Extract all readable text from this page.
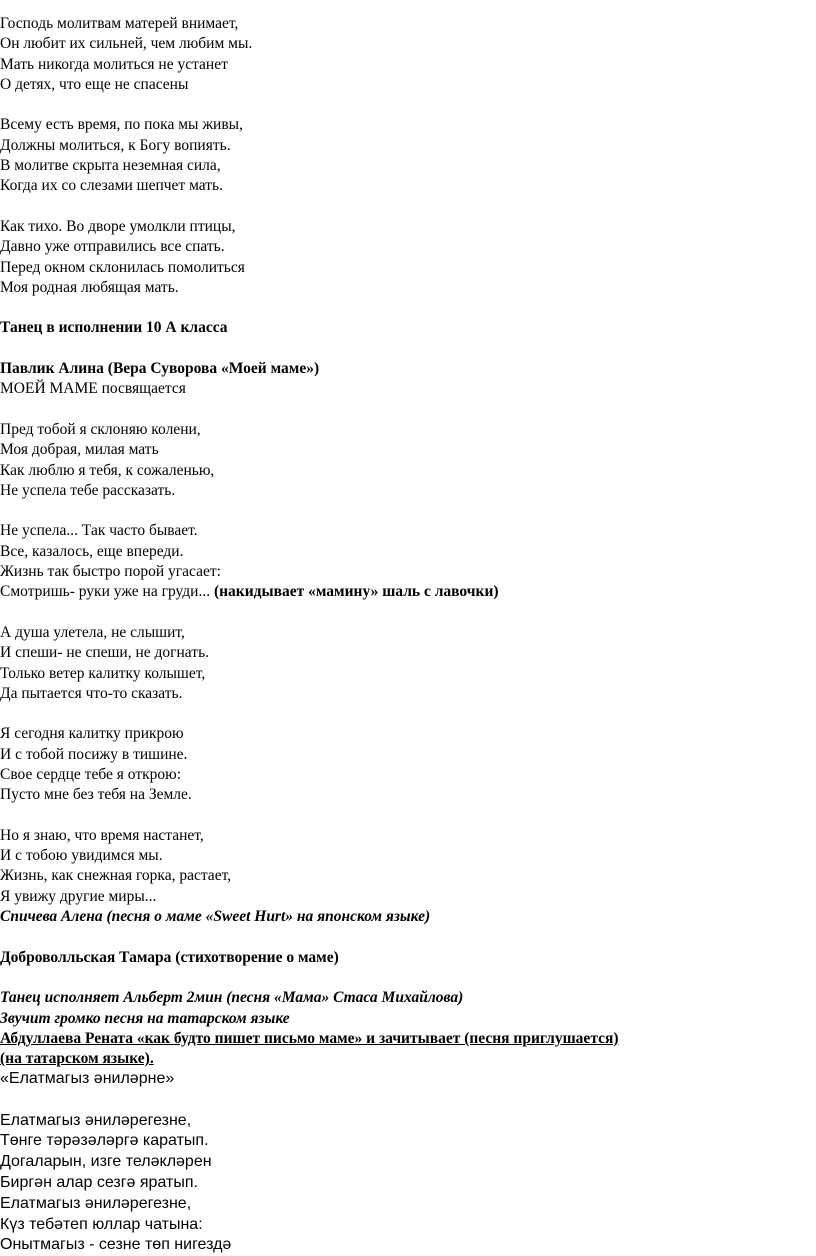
Господь молитвам матерей внимает,

Он любит их сильней, чем любим мы.

Мать никогда молиться не устанет

О детях, что еще не спасены

Всему есть время, по пока мы живы,

Должны молиться, к Богу вопиять.

В молитве скрыта неземная сила,

Когда их со слезами шепчет мать.

Как тихо. Во дворе умолкли птицы,

Давно уже отправились все спать.

Перед окном склонилась помолиться

Моя родная любящая мать.

Танец в исполнении 10 А класса

Павлик Алина (Вера Суворова «Моей маме»)

МОЕЙ МАМЕ посвящается

Пред тобой я склоняю колени,

Моя добрая, милая мать

Как люблю я тебя, к сожаленью,

Не успела тебе рассказать.

Не успела... Так часто бывает.

Все, казалось, еще впереди.

Жизнь так быстро порой угасает:

Смотришь- руки уже на груди... (накидывает «мамину» шаль с лавочки)

А душа улетела, не слышит,

И спеши- не спеши, не догнать.

Только ветер калитку колышет,

Да пытается что-то сказать.

Я сегодня калитку прикрою

И с тобой посижу в тишине.

Свое сердце тебе я открою:

Пусто мне без тебя на Земле.

Но я знаю, что время настанет,

И с тобою увидимся мы.

Жизнь, как снежная горка, растает,

Я увижу другие миры...

Спичева Алена (песня о маме «Sweet Hurt» на японском языке)

Доброволльская Тамара (стихотворение о маме)

Танец исполняет Альберт 2мин (песня «Мама» Стаса Михайлова)

Звучит громко песня на татарском языке

Абдуллаева Рената «как будто пишет письмо маме» и зачитывает (песня приглушается)

(на татарском языке).

«Елатмагыз әниләрне»

Елатмагыз әниләрегезне,

Төнге тәрәзәләргә каратып.

Догаларын, изге теләкләрен

Биргән алар сезгә яратып.

Елатмагыз әниләрегезне,

Күз тебәтеп юллар чатына:

Онытмагыз - сезне төп нигездә
